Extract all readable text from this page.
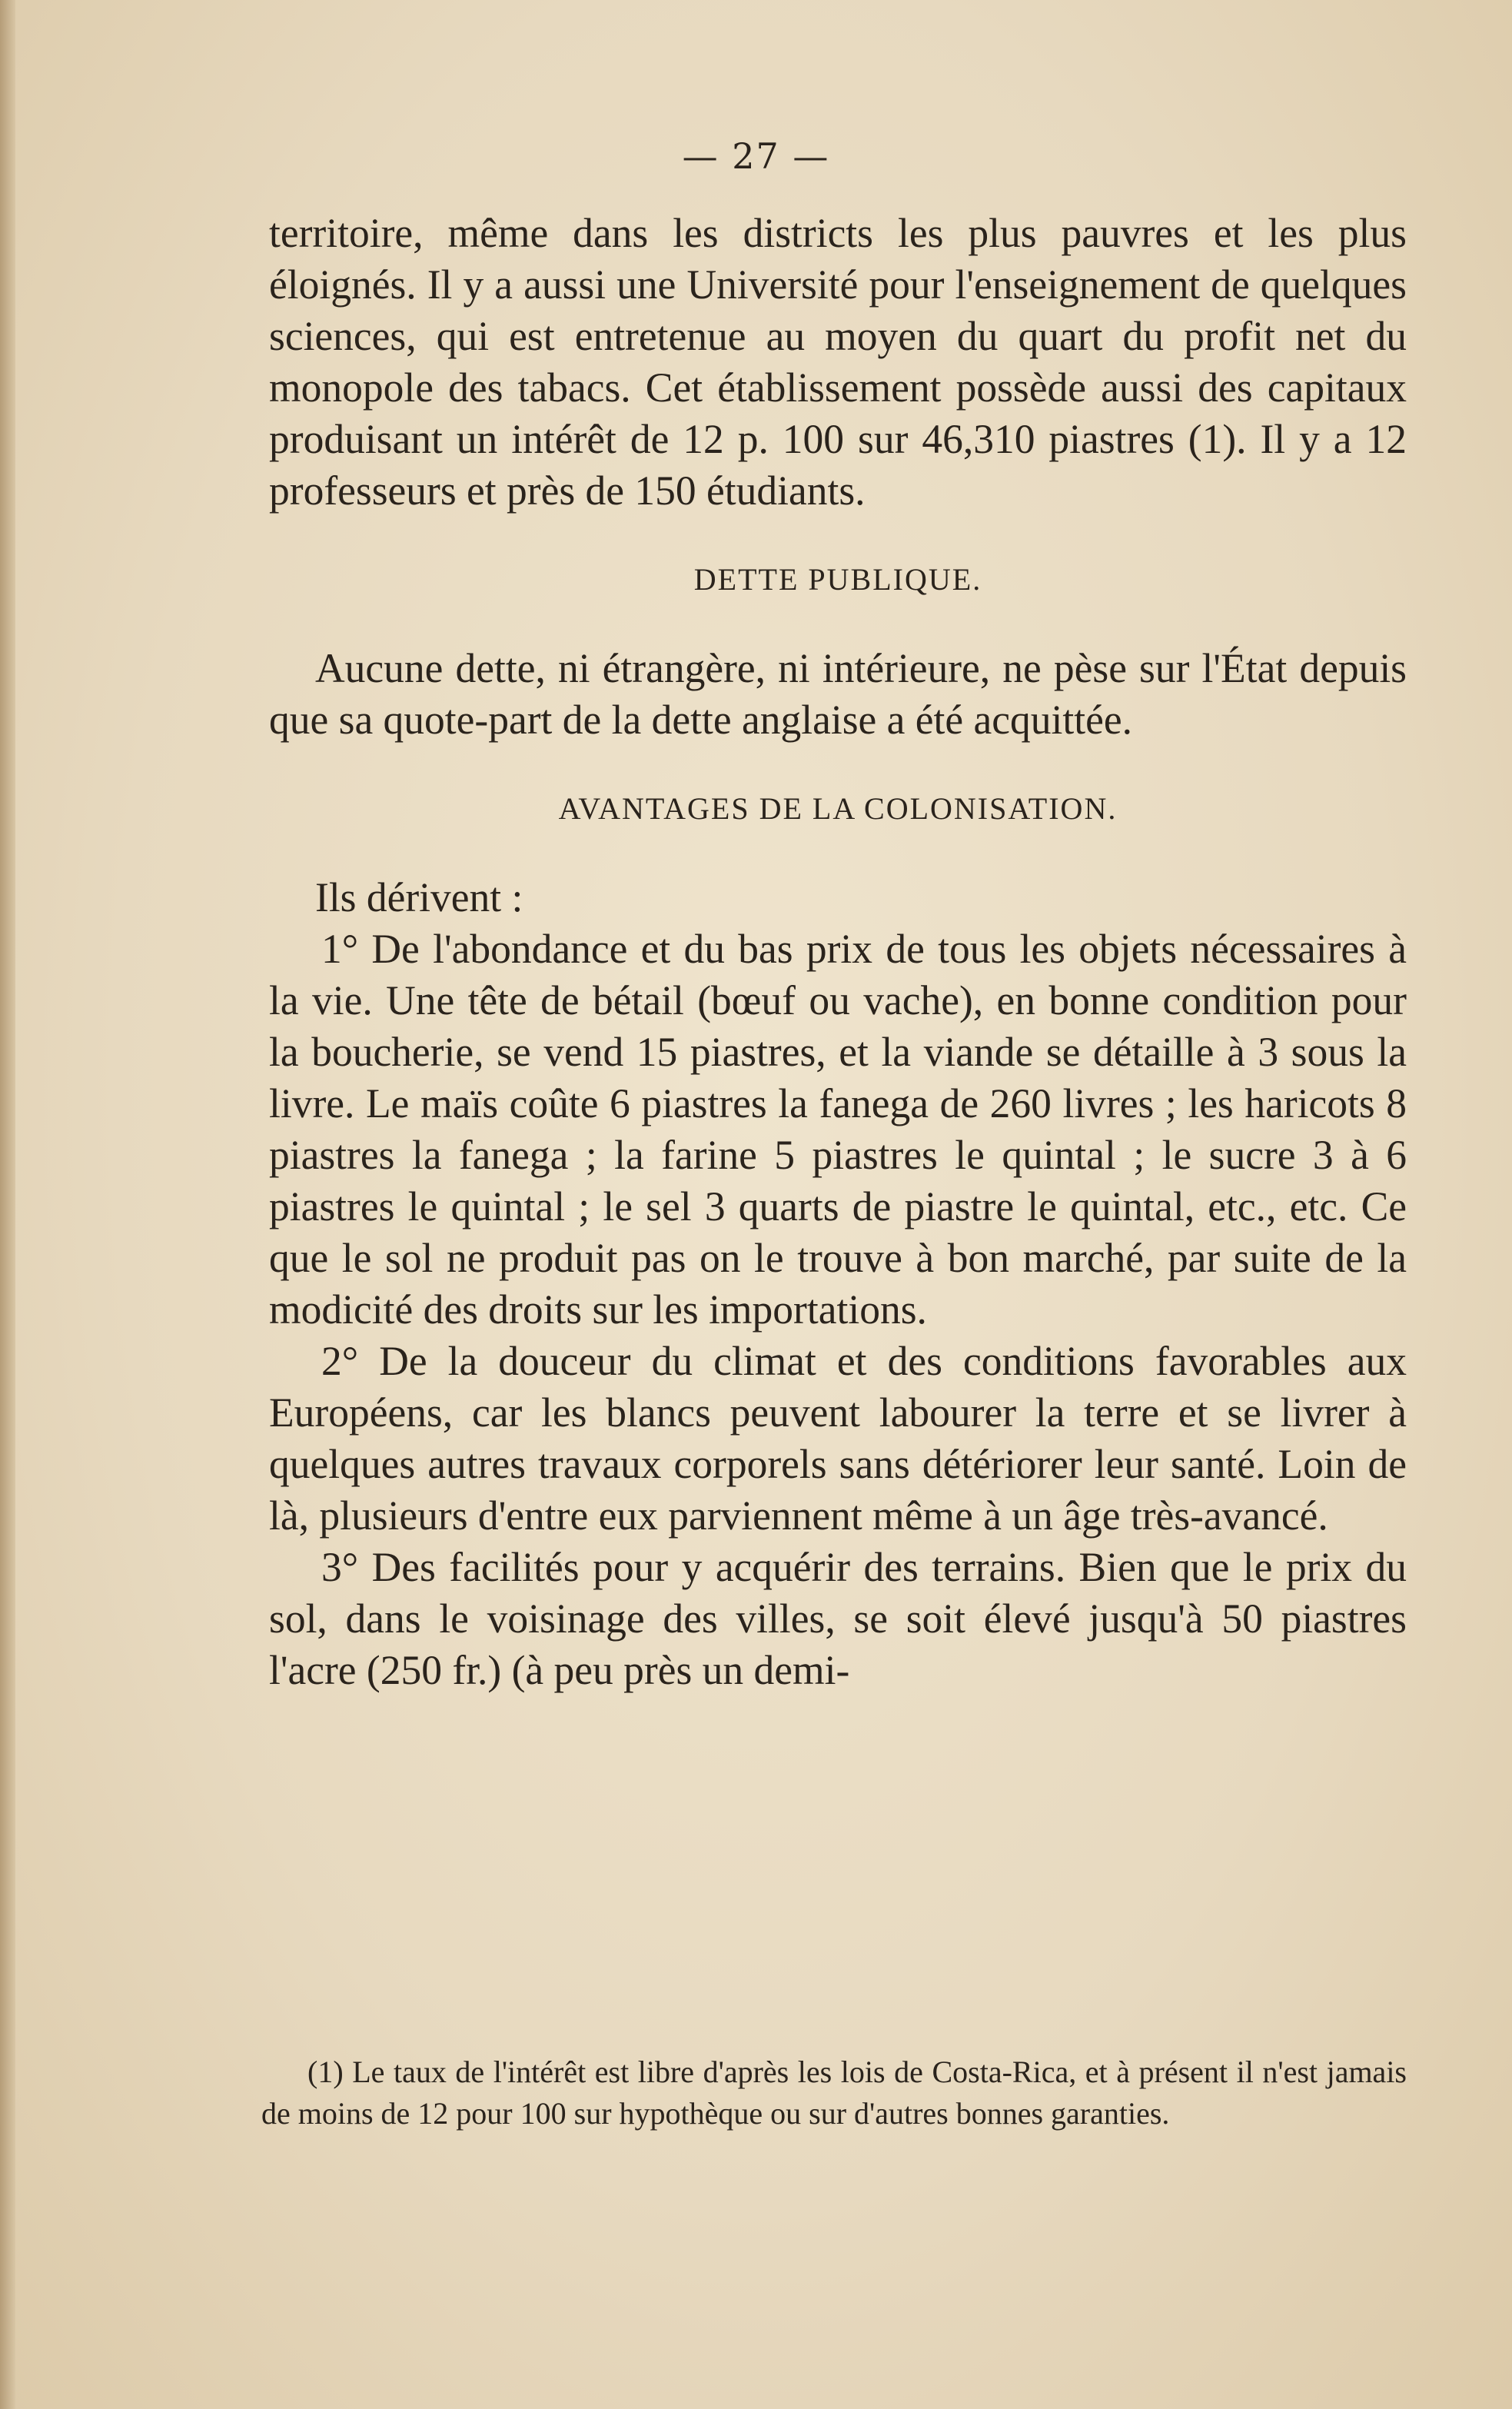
— 27 —

territoire, même dans les districts les plus pauvres et les plus éloignés. Il y a aussi une Université pour l'enseignement de quelques sciences, qui est entretenue au moyen du quart du profit net du monopole des tabacs. Cet établissement possède aussi des capitaux produisant un intérêt de 12 p. 100 sur 46,310 piastres (1). Il y a 12 professeurs et près de 150 étudiants.

DETTE PUBLIQUE.

Aucune dette, ni étrangère, ni intérieure, ne pèse sur l'État depuis que sa quote-part de la dette anglaise a été acquittée.

AVANTAGES DE LA COLONISATION.

Ils dérivent :

1° De l'abondance et du bas prix de tous les objets nécessaires à la vie. Une tête de bétail (bœuf ou vache), en bonne condition pour la boucherie, se vend 15 piastres, et la viande se détaille à 3 sous la livre. Le maïs coûte 6 piastres la fanega de 260 livres ; les haricots 8 piastres la fanega ; la farine 5 piastres le quintal ; le sucre 3 à 6 piastres le quintal ; le sel 3 quarts de piastre le quintal, etc., etc. Ce que le sol ne produit pas on le trouve à bon marché, par suite de la modicité des droits sur les importations.

2° De la douceur du climat et des conditions favorables aux Européens, car les blancs peuvent labourer la terre et se livrer à quelques autres travaux corporels sans détériorer leur santé. Loin de là, plusieurs d'entre eux parviennent même à un âge très-avancé.

3° Des facilités pour y acquérir des terrains. Bien que le prix du sol, dans le voisinage des villes, se soit élevé jusqu'à 50 piastres l'acre (250 fr.) (à peu près un demi-

(1) Le taux de l'intérêt est libre d'après les lois de Costa-Rica, et à présent il n'est jamais de moins de 12 pour 100 sur hypothèque ou sur d'autres bonnes garanties.
